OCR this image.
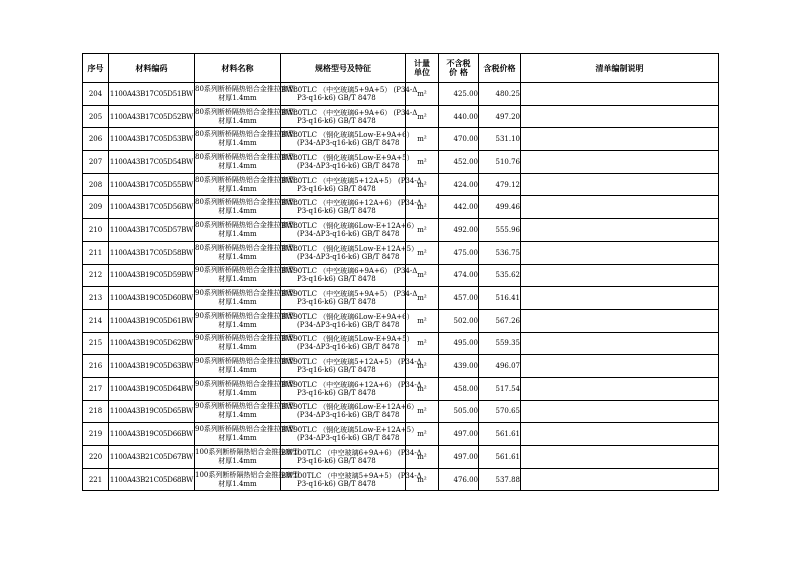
序号	材料编码	材料名称	规格型号及特征	计量
单位	不含税
价 格	含税价格	清单编制说明
204	1100A43B17C05D51BW	80系列断桥隔热铝合金推拉窗型
材厚1.4mm	BW80TLC （中空玻璃5+9A+5） (P34-Δ
P3-q16-k6) GB/T 8478	m²	425.00	480.25	
205	1100A43B17C05D52BW	80系列断桥隔热铝合金推拉窗型
材厚1.4mm	BW80TLC （中空玻璃6+9A+6） (P34-Δ
P3-q16-k6) GB/T 8478	m²	440.00	497.20	
206	1100A43B17C05D53BW	80系列断桥隔热铝合金推拉窗型
材厚1.4mm	BW80TLC （钢化玻璃5Low-E+9A+6）
(P34-ΔP3-q16-k6) GB/T 8478	m²	470.00	531.10	
207	1100A43B17C05D54BW	80系列断桥隔热铝合金推拉窗型
材厚1.4mm	BW80TLC （钢化玻璃5Low-E+9A+5）
(P34-ΔP3-q16-k6) GB/T 8478	m²	452.00	510.76	
208	1100A43B17C05D55BW	80系列断桥隔热铝合金推拉窗型
材厚1.4mm	BW80TLC （中空玻璃5+12A+5） (P34-Δ
P3-q16-k6) GB/T 8478	m²	424.00	479.12	
209	1100A43B17C05D56BW	80系列断桥隔热铝合金推拉窗型
材厚1.4mm	BW80TLC （中空玻璃6+12A+6） (P34-Δ
P3-q16-k6) GB/T 8478	m²	442.00	499.46	
210	1100A43B17C05D57BW	80系列断桥隔热铝合金推拉窗型
材厚1.4mm	BW80TLC （钢化玻璃6Low-E+12A+6）
(P34-ΔP3-q16-k6) GB/T 8478	m²	492.00	555.96	
211	1100A43B17C05D58BW	80系列断桥隔热铝合金推拉窗型
材厚1.4mm	BW80TLC （钢化玻璃5Low-E+12A+5）
(P34-ΔP3-q16-k6) GB/T 8478	m²	475.00	536.75	
212	1100A43B19C05D59BW	90系列断桥隔热铝合金推拉窗型
材厚1.4mm	BW90TLC （中空玻璃6+9A+6） (P34-Δ
P3-q16-k6) GB/T 8478	m²	474.00	535.62	
213	1100A43B19C05D60BW	90系列断桥隔热铝合金推拉窗型
材厚1.4mm	BW90TLC （中空玻璃5+9A+5） (P34-Δ
P3-q16-k6) GB/T 8478	m²	457.00	516.41	
214	1100A43B19C05D61BW	90系列断桥隔热铝合金推拉窗型
材厚1.4mm	BW90TLC （钢化玻璃6Low-E+9A+6）
(P34-ΔP3-q16-k6) GB/T 8478	m²	502.00	567.26	
215	1100A43B19C05D62BW	90系列断桥隔热铝合金推拉窗型
材厚1.4mm	BW90TLC （钢化玻璃5Low-E+9A+5）
(P34-ΔP3-q16-k6) GB/T 8478	m²	495.00	559.35	
216	1100A43B19C05D63BW	90系列断桥隔热铝合金推拉窗型
材厚1.4mm	BW90TLC （中空玻璃5+12A+5） (P34-Δ
P3-q16-k6) GB/T 8478	m²	439.00	496.07	
217	1100A43B19C05D64BW	90系列断桥隔热铝合金推拉窗型
材厚1.4mm	BW90TLC （中空玻璃6+12A+6） (P34-Δ
P3-q16-k6) GB/T 8478	m²	458.00	517.54	
218	1100A43B19C05D65BW	90系列断桥隔热铝合金推拉窗型
材厚1.4mm	BW90TLC （钢化玻璃6Low-E+12A+6）
(P34-ΔP3-q16-k6) GB/T 8478	m²	505.00	570.65	
219	1100A43B19C05D66BW	90系列断桥隔热铝合金推拉窗型
材厚1.4mm	BW90TLC （钢化玻璃5Low-E+12A+5）
(P34-ΔP3-q16-k6) GB/T 8478	m²	497.00	561.61	
220	1100A43B21C05D67BW	100系列断桥隔热铝合金推拉窗型
材厚1.4mm	BW100TLC （中空玻璃6+9A+6） (P34-Δ
P3-q16-k6) GB/T 8478	m²	497.00	561.61	
221	1100A43B21C05D68BW	100系列断桥隔热铝合金推拉窗型
材厚1.4mm	BW100TLC （中空玻璃5+9A+5） (P34-Δ
P3-q16-k6) GB/T 8478	m²	476.00	537.88	
